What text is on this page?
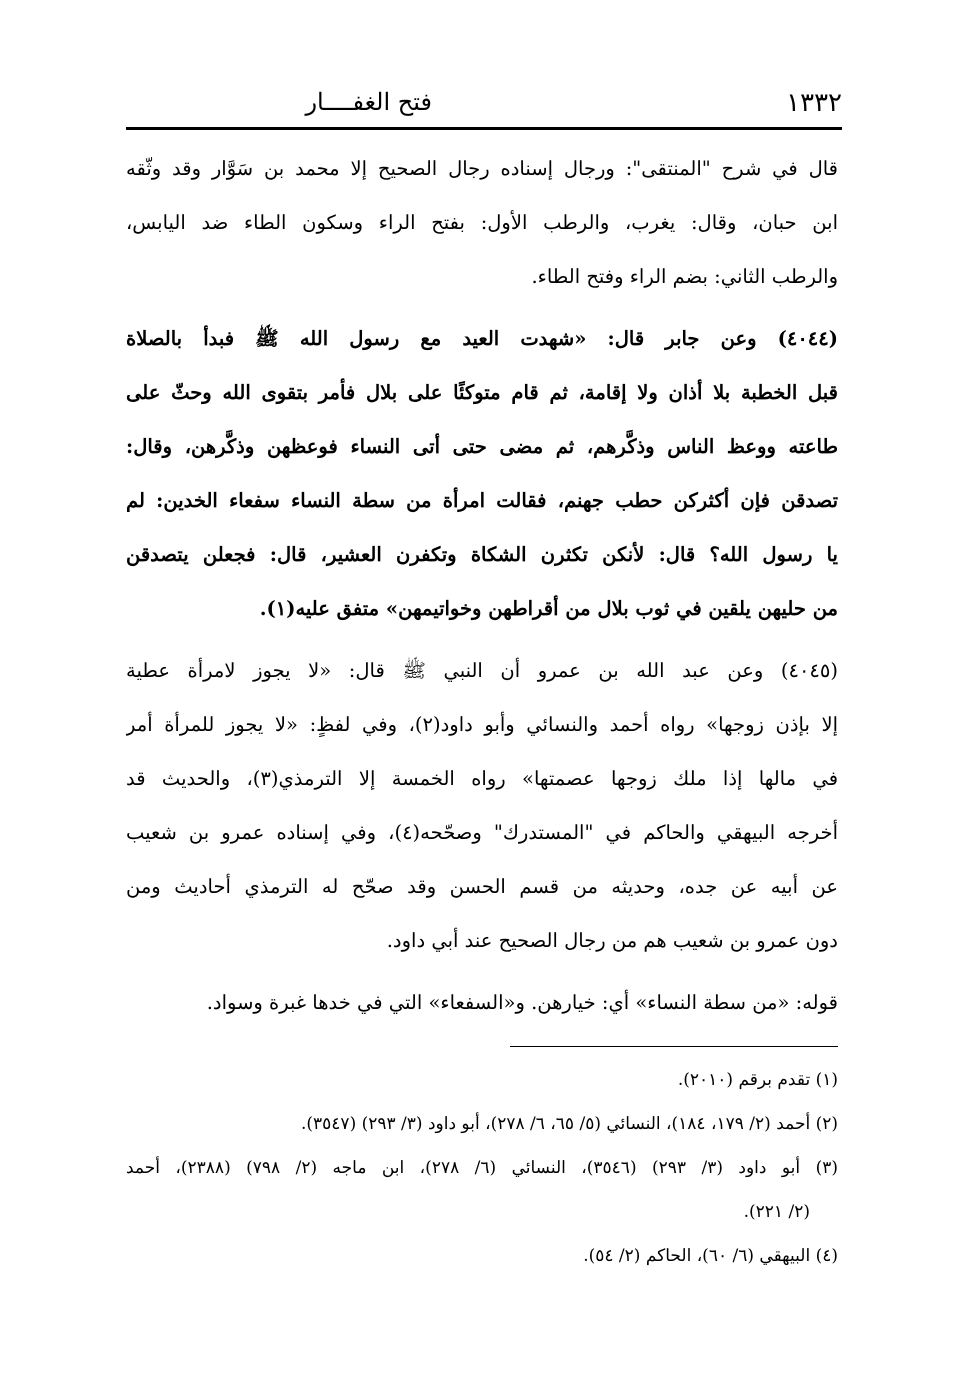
فتح الغفــــار	١٣٣٢
قال في شرح "المنتقى": ورجال إسناده رجال الصحيح إلا محمد بن سَوَّار وقد وثّقه
ابن حبان، وقال: يغرب، والرطب الأول: بفتح الراء وسكون الطاء ضد اليابس،
والرطب الثاني: بضم الراء وفتح الطاء.
(٤٠٤٤) وعن جابر قال: «شهدت العيد مع رسول الله ﷺ فبدأ بالصلاة
قبل الخطبة بلا أذان ولا إقامة، ثم قام متوكئًا على بلال فأمر بتقوى الله وحثّ على
طاعته ووعظ الناس وذكَّرهم، ثم مضى حتى أتى النساء فوعظهن وذكَّرهن، وقال:
تصدقن فإن أكثركن حطب جهنم، فقالت امرأة من سطة النساء سفعاء الخدين: لم
يا رسول الله؟ قال: لأنكن تكثرن الشكاة وتكفرن العشير، قال: فجعلن يتصدقن
من حليهن يلقين في ثوب بلال من أقراطهن وخواتيمهن» متفق عليه(١).
(٤٠٤٥) وعن عبد الله بن عمرو أن النبي ﷺ قال: «لا يجوز لامرأة عطية
إلا بإذن زوجها» رواه أحمد والنسائي وأبو داود(٢)، وفي لفظٍ: «لا يجوز للمرأة أمر
في مالها إذا ملك زوجها عصمتها» رواه الخمسة إلا الترمذي(٣)، والحديث قد
أخرجه البيهقي والحاكم في "المستدرك" وصحّحه(٤)، وفي إسناده عمرو بن شعيب
عن أبيه عن جده، وحديثه من قسم الحسن وقد صحّح له الترمذي أحاديث ومن
دون عمرو بن شعيب هم من رجال الصحيح عند أبي داود.
قوله: «من سطة النساء» أي: خيارهن. و«السفعاء» التي في خدها غبرة وسواد.
(١) تقدم برقم (٢٠١٠).
(٢) أحمد (٢/ ١٧٩، ١٨٤)، النسائي (٥/ ٦٥، ٦/ ٢٧٨)، أبو داود (٣/ ٢٩٣) (٣٥٤٧).
(٣) أبو داود (٣/ ٢٩٣) (٣٥٤٦)، النسائي (٦/ ٢٧٨)، ابن ماجه (٢/ ٧٩٨) (٢٣٨٨)، أحمد
(٢/ ٢٢١).
(٤) البيهقي (٦/ ٦٠)، الحاكم (٢/ ٥٤).
